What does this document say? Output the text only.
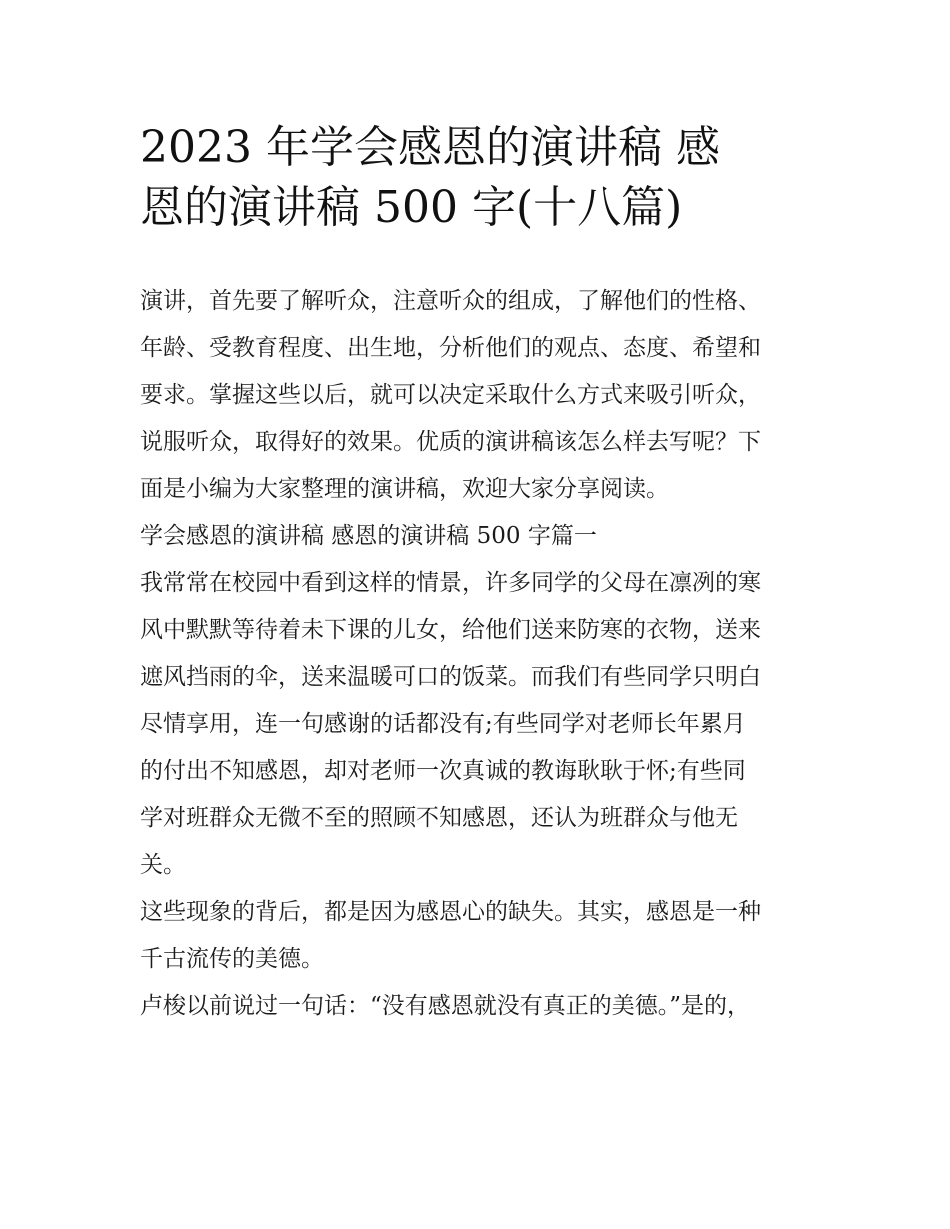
2023 年学会感恩的演讲稿 感
恩的演讲稿 500 字(十八篇)

演讲，首先要了解听众，注意听众的组成，了解他们的性格、
年龄、受教育程度、出生地，分析他们的观点、态度、希望和
要求。掌握这些以后，就可以决定采取什么方式来吸引听众，
说服听众，取得好的效果。优质的演讲稿该怎么样去写呢？下
面是小编为大家整理的演讲稿，欢迎大家分享阅读。

学会感恩的演讲稿 感恩的演讲稿 500 字篇一

我常常在校园中看到这样的情景，许多同学的父母在凛冽的寒
风中默默等待着未下课的儿女，给他们送来防寒的衣物，送来
遮风挡雨的伞，送来温暖可口的饭菜。而我们有些同学只明白
尽情享用，连一句感谢的话都没有;有些同学对老师长年累月
的付出不知感恩，却对老师一次真诚的教诲耿耿于怀;有些同
学对班群众无微不至的照顾不知感恩，还认为班群众与他无
关。

这些现象的背后，都是因为感恩心的缺失。其实，感恩是一种
千古流传的美德。

卢梭以前说过一句话：“没有感恩就没有真正的美德。”是的，
